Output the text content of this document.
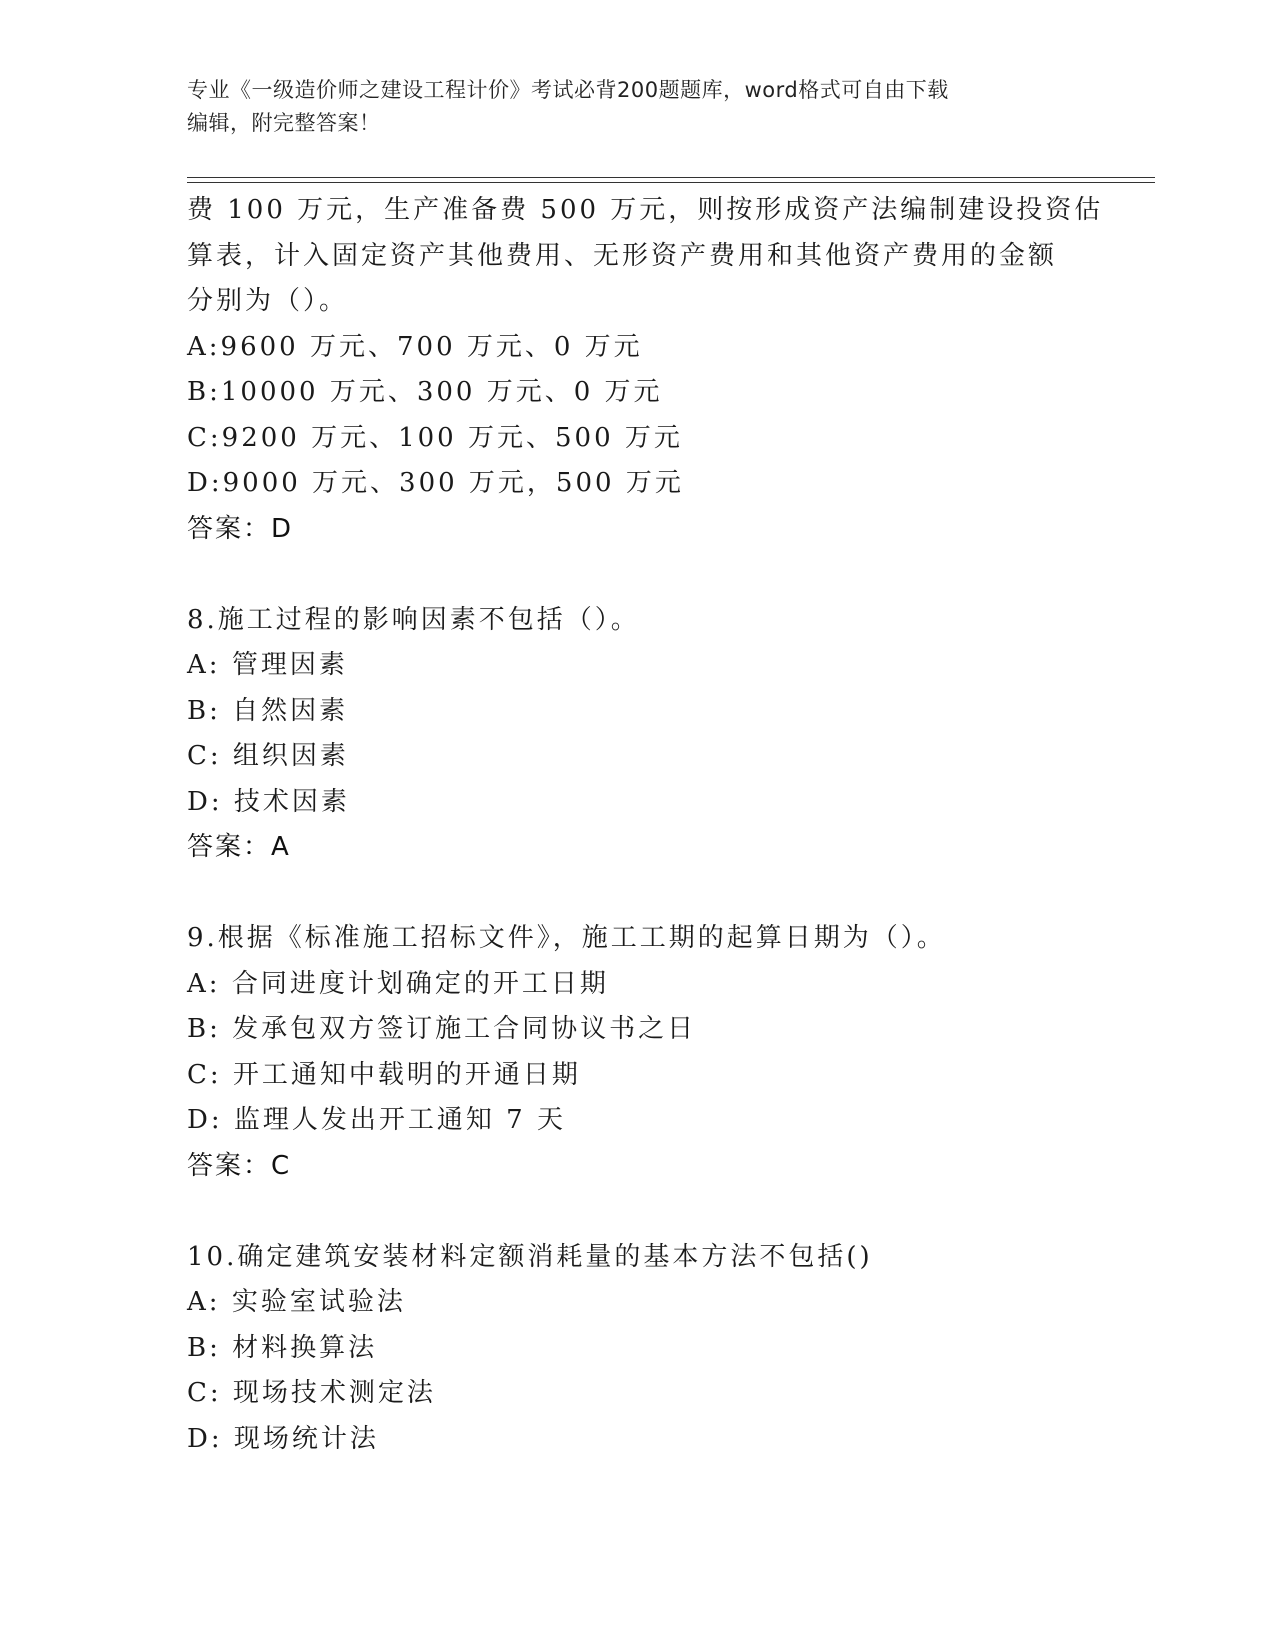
专业《一级造价师之建设工程计价》考试必背200题题库，word格式可自由下载
编辑，附完整答案！
费 100 万元，生产准备费 500 万元，则按形成资产法编制建设投资估
算表，计入固定资产其他费用、无形资产费用和其他资产费用的金额
分别为（）。
A:9600 万元、700 万元、0 万元
B:10000 万元、300 万元、0 万元
C:9200 万元、100 万元、500 万元
D:9000 万元、300 万元，500 万元
答案：D
8.施工过程的影响因素不包括（）。
A: 管理因素
B: 自然因素
C: 组织因素
D: 技术因素
答案：A
9.根据《标准施工招标文件》，施工工期的起算日期为（）。
A: 合同进度计划确定的开工日期
B: 发承包双方签订施工合同协议书之日
C: 开工通知中载明的开通日期
D: 监理人发出开工通知 7 天
答案：C
10.确定建筑安装材料定额消耗量的基本方法不包括()
A: 实验室试验法
B: 材料换算法
C: 现场技术测定法
D: 现场统计法
